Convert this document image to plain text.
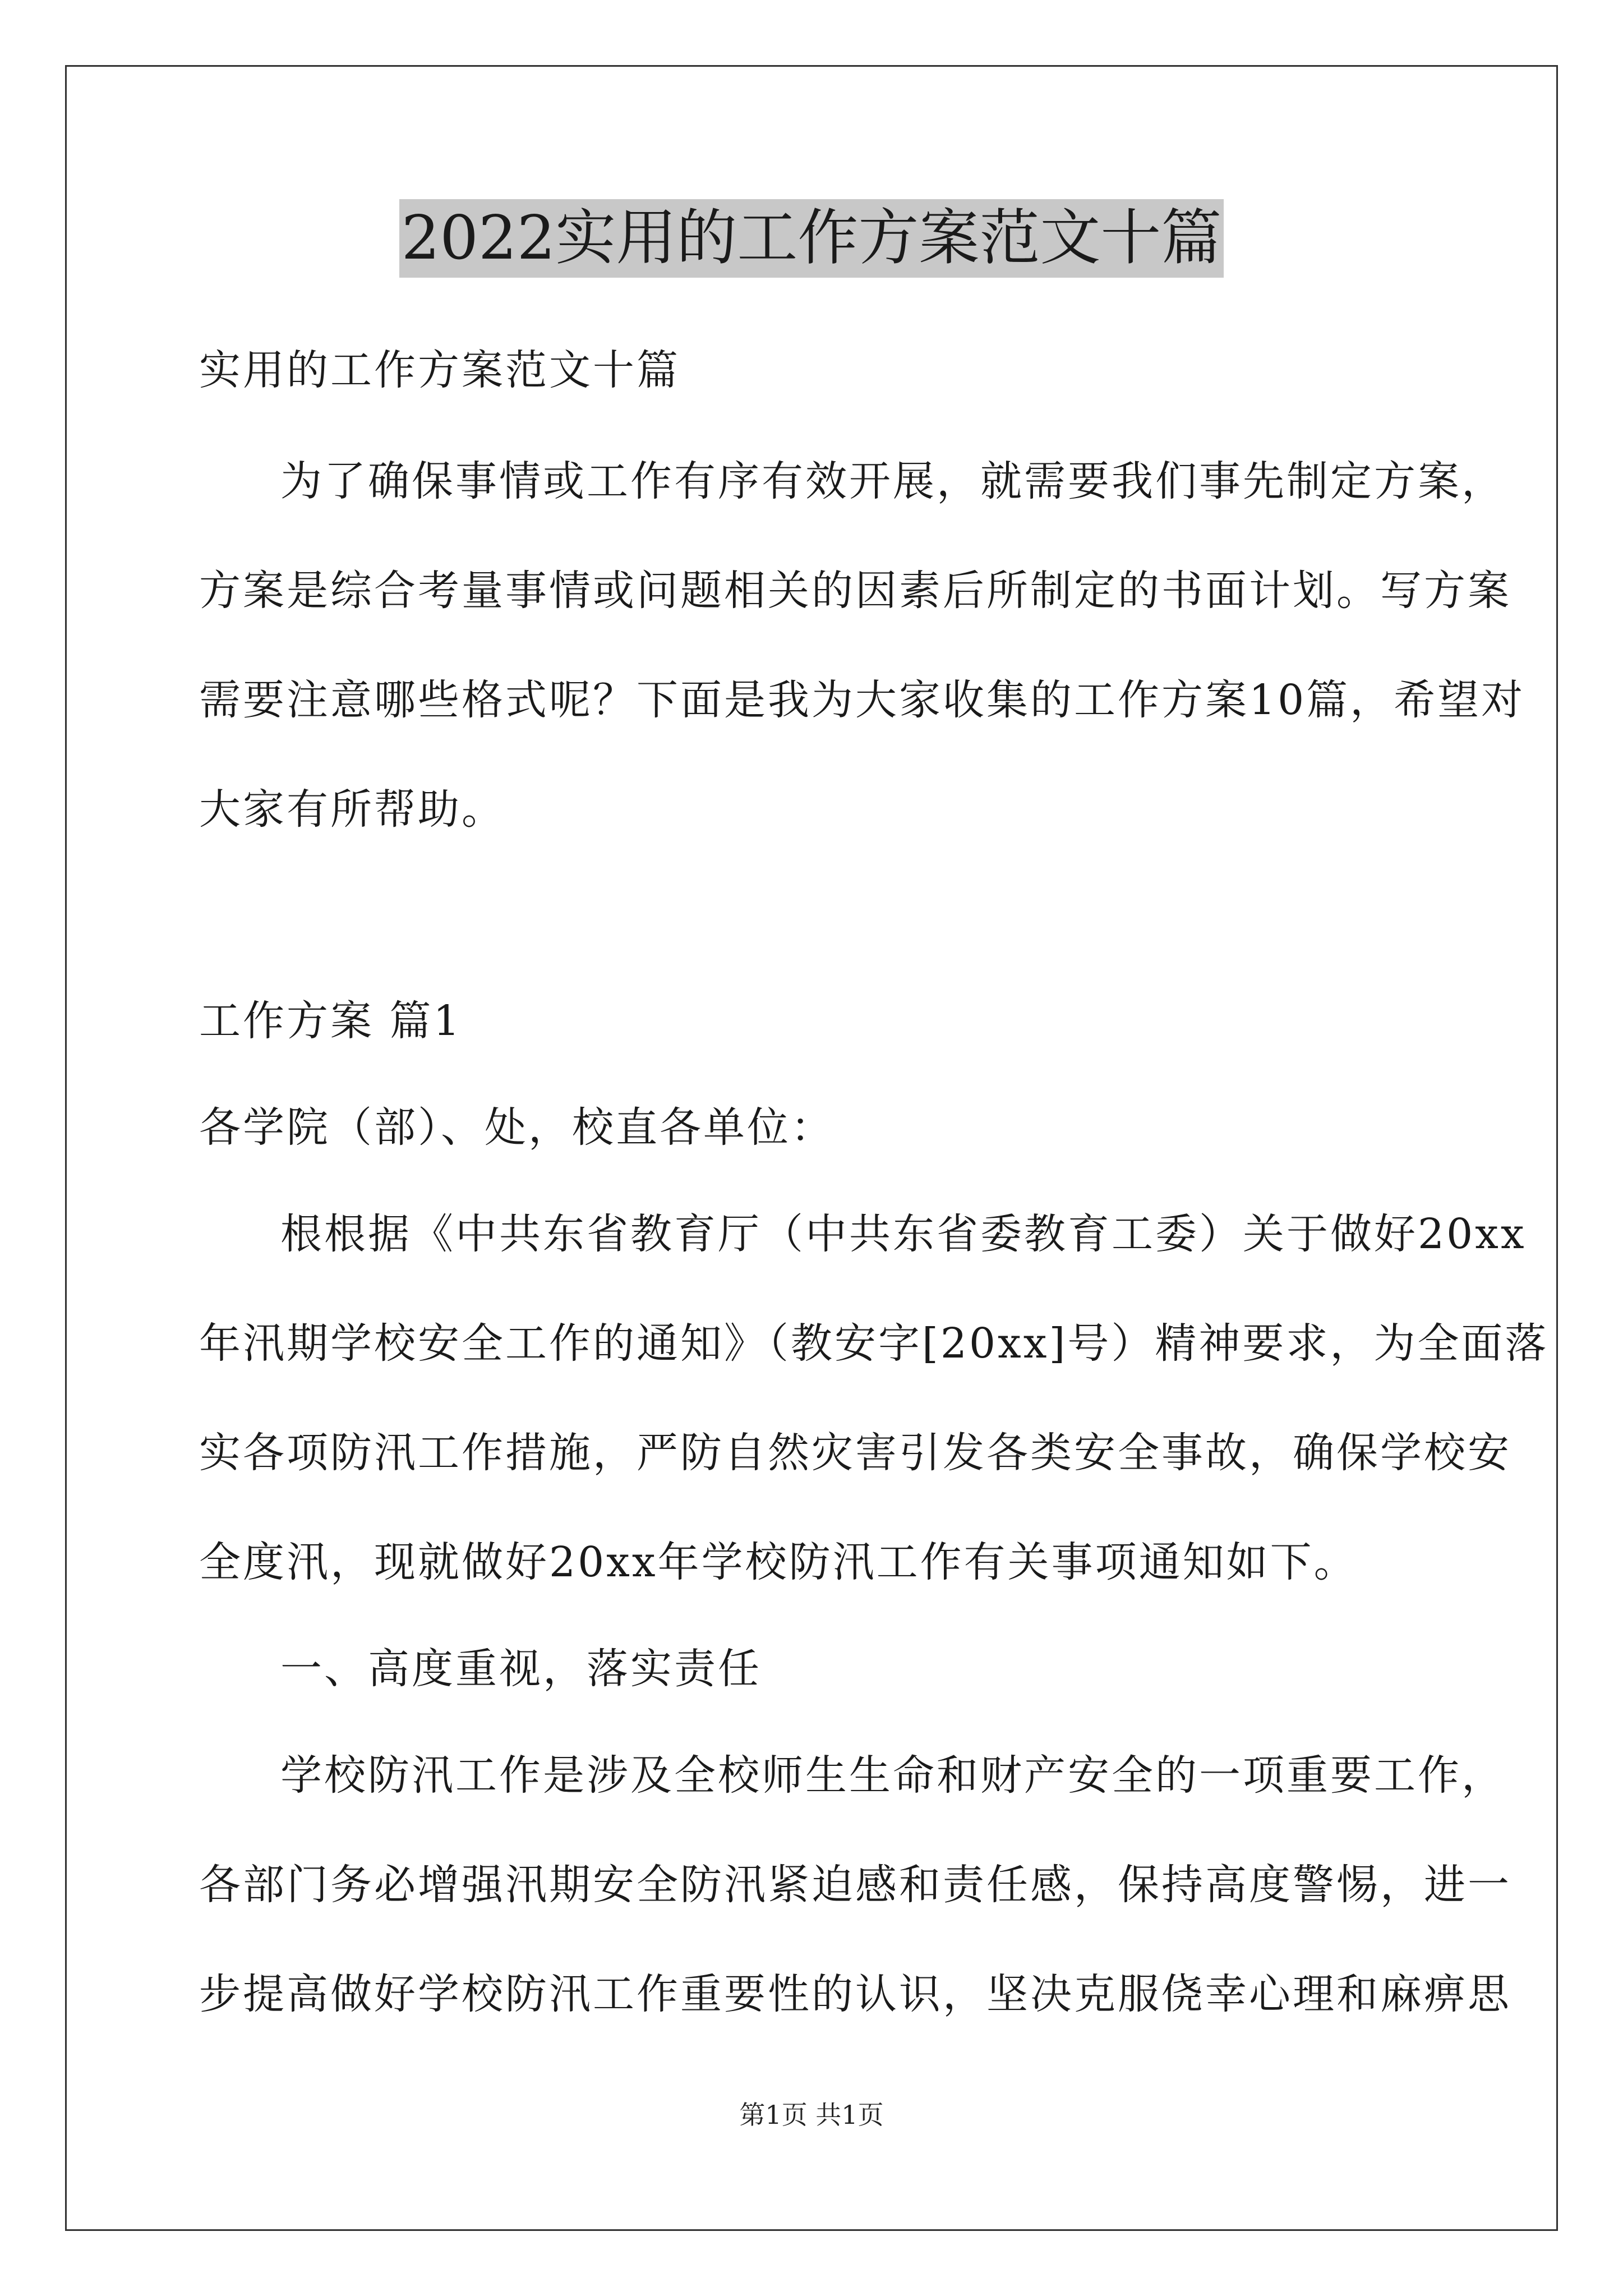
2022实用的工作方案范文十篇
实用的工作方案范文十篇
为了确保事情或工作有序有效开展，就需要我们事先制定方案，
方案是综合考量事情或问题相关的因素后所制定的书面计划。写方案
需要注意哪些格式呢？下面是我为大家收集的工作方案10篇，希望对
大家有所帮助。
工作方案 篇1
各学院（部）、处，校直各单位：
根根据《中共东省教育厅（中共东省委教育工委）关于做好20xx
年汛期学校安全工作的通知》（教安字[20xx]号）精神要求，为全面落
实各项防汛工作措施，严防自然灾害引发各类安全事故，确保学校安
全度汛，现就做好20xx年学校防汛工作有关事项通知如下。
一、高度重视，落实责任
学校防汛工作是涉及全校师生生命和财产安全的一项重要工作，
各部门务必增强汛期安全防汛紧迫感和责任感，保持高度警惕，进一
步提高做好学校防汛工作重要性的认识，坚决克服侥幸心理和麻痹思
第1页 共1页
